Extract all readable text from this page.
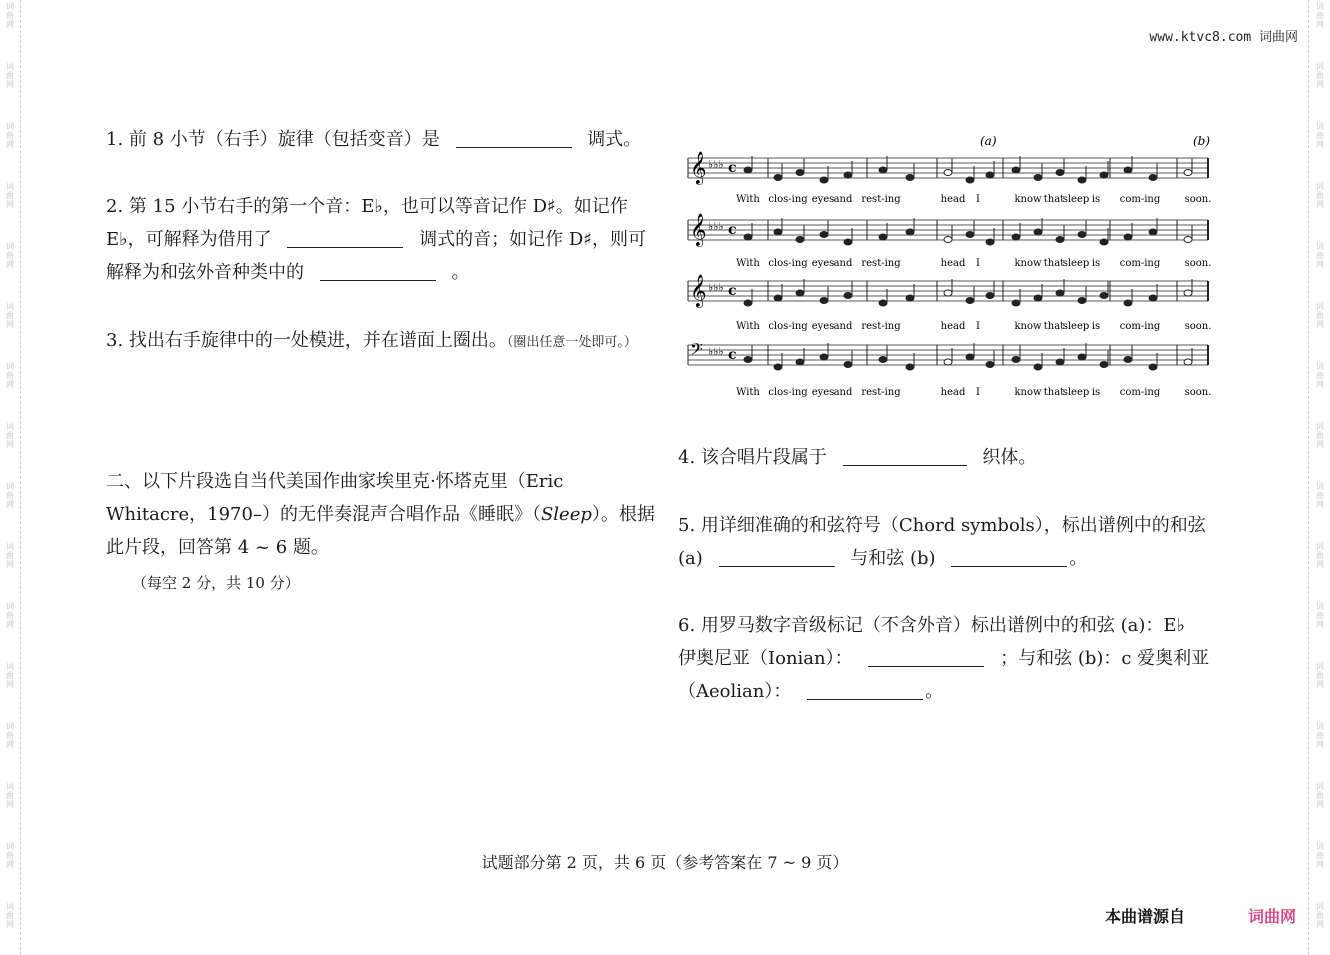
词
曲
网
词
曲
网
词
曲
网
词
曲
网
词
曲
网
词
曲
网
词
曲
网
词
曲
网
词
曲
网
词
曲
网
词
曲
网
词
曲
网
词
曲
网
词
曲
网
词
曲
网
词
曲
网
词
曲
网
词
曲
网
词
曲
网
词
曲
网
词
曲
网
词
曲
网
词
曲
网
词
曲
网
词
曲
网
词
曲
网
词
曲
网
词
曲
网
词
曲
网
词
曲
网
词
曲
网
词
曲
网
www.ktvc8.com 词曲网
1. 前 8 小节（右手）旋律（包括变音）是	调式。
2. 第 15 小节右手的第一个音：E♭，也可以等音记作 D♯。如记作
E♭，可解释为借用了	调式的音；如记作 D♯，则可
解释为和弦外音种类中的	。
3. 找出右手旋律中的一处模进，并在谱面上圈出。（圈出任意一处即可。）
二、以下片段选自当代美国作曲家埃里克·怀塔克里（Eric
Whitacre，1970–）的无伴奏混声合唱作品《睡眠》（Sleep）。根据
此片段，回答第 4 ~ 6 题。
（每空 2 分，共 10 分）
𝄞 ♭♭♭ c
𝄞 ♭♭♭ c
𝄞 ♭♭♭ c
𝄢 ♭♭♭ c
With clos-ing eyes and rest-ing	head I	know that
sleep is com-ing soon.
With clos-ing eyes and rest-ing	head I	know that
sleep is com-ing soon.
With clos-ing eyes and rest-ing	head I	know that
sleep is com-ing soon.
With clos-ing eyes and rest-ing	head I	know that
sleep is com-ing soon.
(a)	(b)
4. 该合唱片段属于	织体。
5. 用详细准确的和弦符号（Chord symbols），标出谱例中的和弦
(a)	与和弦 (b)	。
6. 用罗马数字音级标记（不含外音）标出谱例中的和弦 (a)：E♭
伊奥尼亚（Ionian）：	；与和弦 (b)：c 爱奥利亚
（Aeolian）：	。
试题部分第 2 页，共 6 页（参考答案在 7 ~ 9 页）
本曲谱源自	词曲网
